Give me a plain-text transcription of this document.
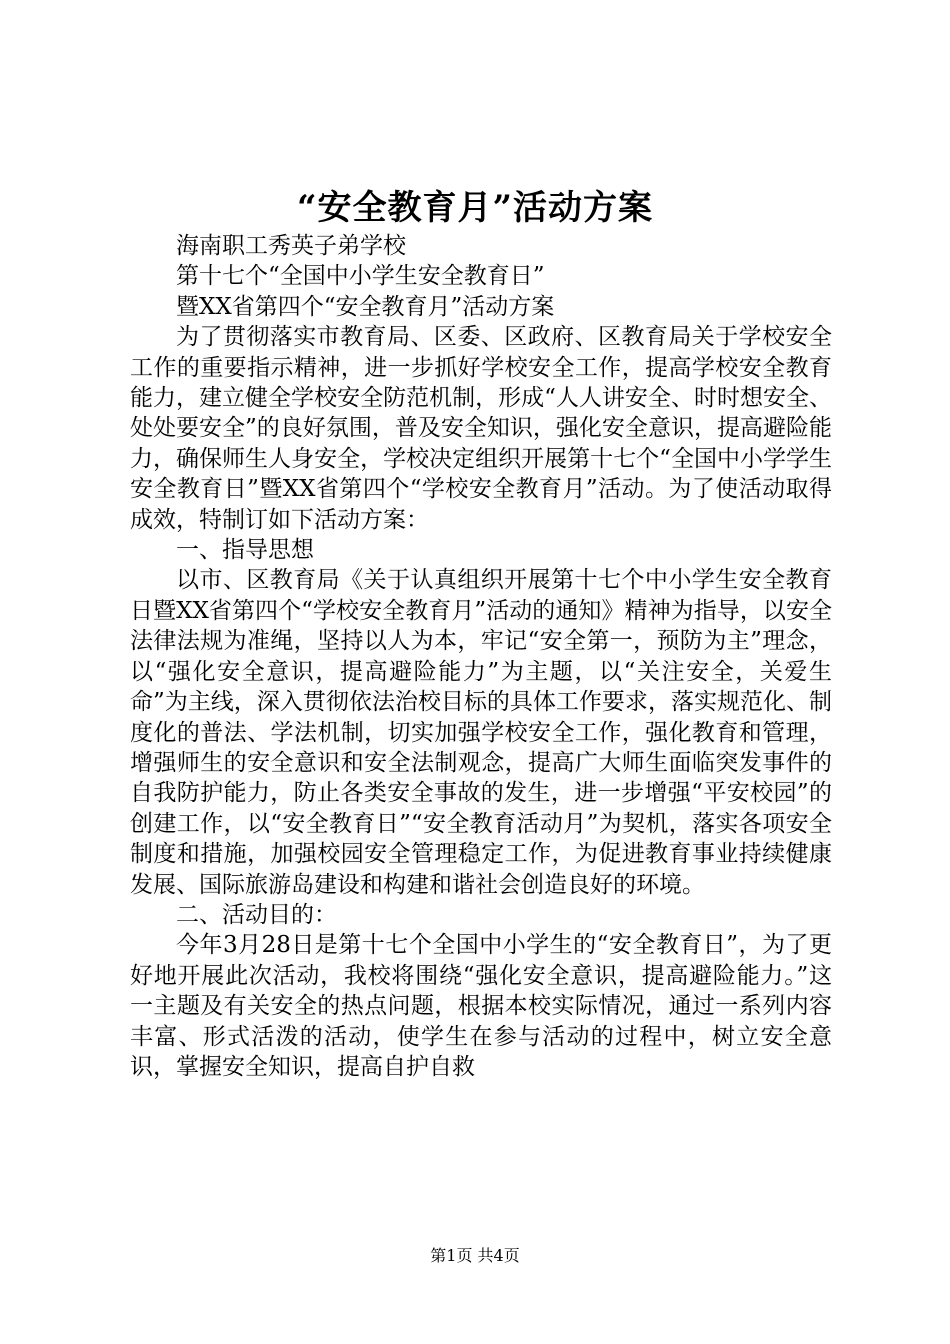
“安全教育月”活动方案

海南职工秀英子弟学校

第十七个“全国中小学生安全教育日”

暨XX省第四个“安全教育月”活动方案

为了贯彻落实市教育局、区委、区政府、区教育局关于学校安全工作的重要指示精神，进一步抓好学校安全工作，提高学校安全教育能力，建立健全学校安全防范机制，形成“人人讲安全、时时想安全、处处要安全”的良好氛围，普及安全知识，强化安全意识，提高避险能力，确保师生人身安全，学校决定组织开展第十七个“全国中小学学生安全教育日”暨XX省第四个“学校安全教育月”活动。为了使活动取得成效，特制订如下活动方案：

一、指导思想

以市、区教育局《关于认真组织开展第十七个中小学生安全教育日暨XX省第四个“学校安全教育月”活动的通知》精神为指导，以安全法律法规为准绳，坚持以人为本，牢记“安全第一，预防为主”理念，以“强化安全意识，提高避险能力”为主题，以“关注安全，关爱生命”为主线，深入贯彻依法治校目标的具体工作要求，落实规范化、制度化的普法、学法机制，切实加强学校安全工作，强化教育和管理，增强师生的安全意识和安全法制观念，提高广大师生面临突发事件的自我防护能力，防止各类安全事故的发生，进一步增强“平安校园”的创建工作，以“安全教育日”“安全教育活动月”为契机，落实各项安全制度和措施，加强校园安全管理稳定工作，为促进教育事业持续健康发展、国际旅游岛建设和构建和谐社会创造良好的环境。

二、活动目的：

今年3月28日是第十七个全国中小学生的“安全教育日”，为了更好地开展此次活动，我校将围绕“强化安全意识，提高避险能力。”这一主题及有关安全的热点问题，根据本校实际情况，通过一系列内容丰富、形式活泼的活动，使学生在参与活动的过程中，树立安全意识，掌握安全知识，提高自护自救

第1页 共4页
